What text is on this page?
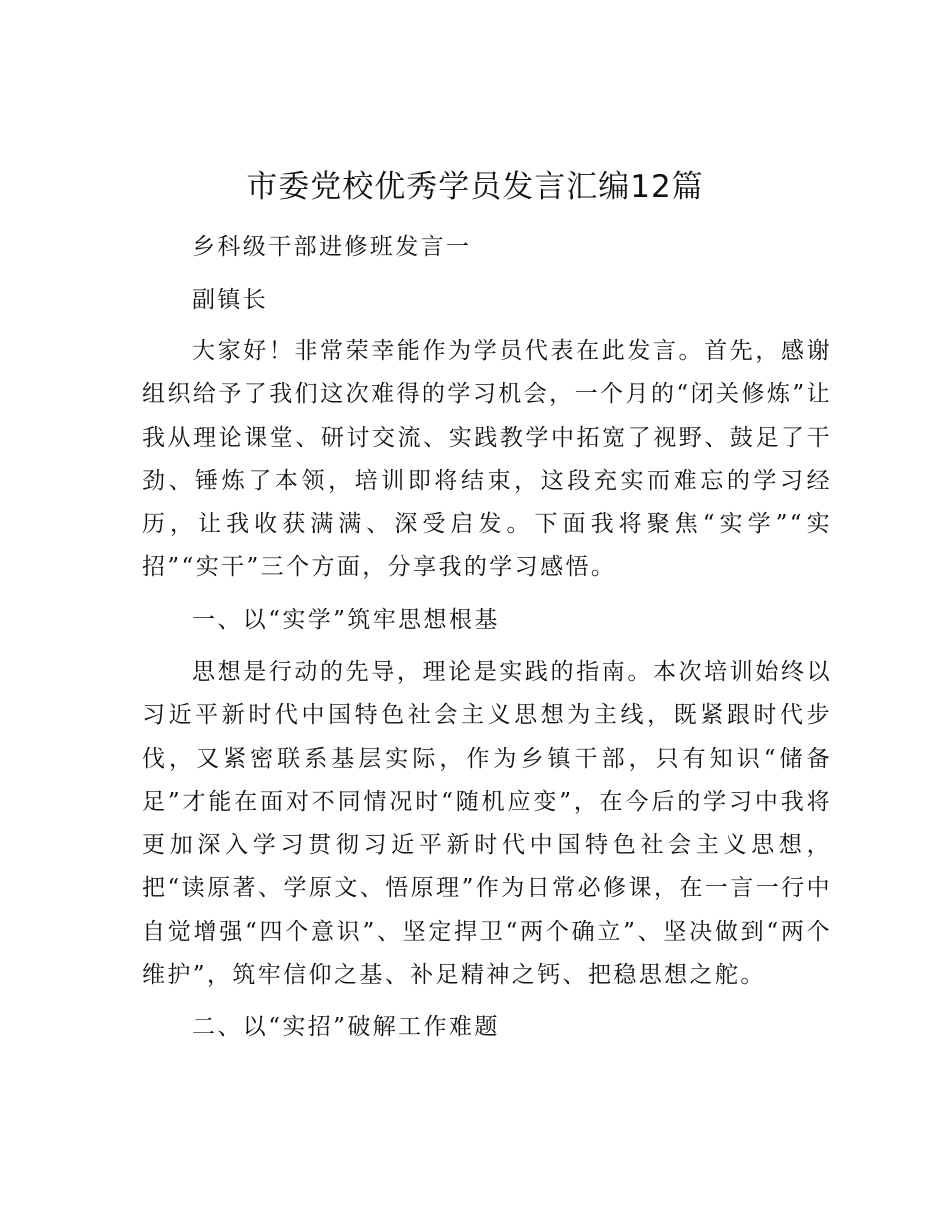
市委党校优秀学员发言汇编12篇

乡科级干部进修班发言一

副镇长

大家好！非常荣幸能作为学员代表在此发言。首先，感谢组织给予了我们这次难得的学习机会，一个月的“闭关修炼”让我从理论课堂、研讨交流、实践教学中拓宽了视野、鼓足了干劲、锤炼了本领，培训即将结束，这段充实而难忘的学习经历，让我收获满满、深受启发。下面我将聚焦“实学”“实招”“实干”三个方面，分享我的学习感悟。

一、以“实学”筑牢思想根基

思想是行动的先导，理论是实践的指南。本次培训始终以习近平新时代中国特色社会主义思想为主线，既紧跟时代步伐，又紧密联系基层实际，作为乡镇干部，只有知识“储备足”才能在面对不同情况时“随机应变”，在今后的学习中我将更加深入学习贯彻习近平新时代中国特色社会主义思想，把“读原著、学原文、悟原理”作为日常必修课，在一言一行中自觉增强“四个意识”、坚定捍卫“两个确立”、坚决做到“两个维护”，筑牢信仰之基、补足精神之钙、把稳思想之舵。

二、以“实招”破解工作难题
